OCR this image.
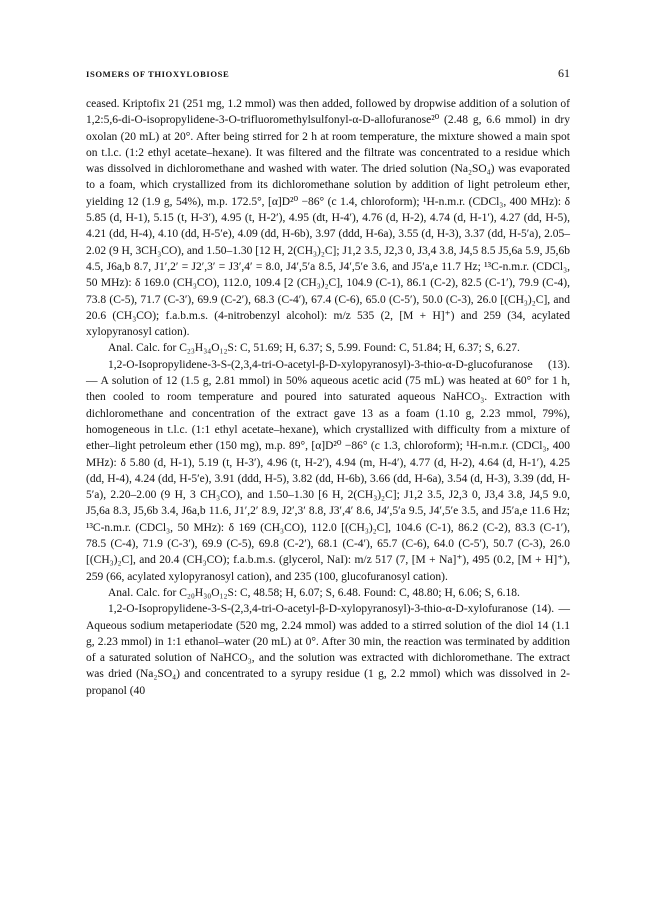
ISOMERS OF THIOXYLOBIOSE	61

ceased. Kriptofix 21 (251 mg, 1.2 mmol) was then added, followed by dropwise addition of a solution of 1,2:5,6-di-O-isopropylidene-3-O-trifluoromethylsulfonyl-α-D-allofuranose²⁰ (2.48 g, 6.6 mmol) in dry oxolan (20 mL) at 20°. After being stirred for 2 h at room temperature, the mixture showed a main spot on t.l.c. (1:2 ethyl acetate–hexane). It was filtered and the filtrate was concentrated to a residue which was dissolved in dichloromethane and washed with water. The dried solution (Na₂SO₄) was evaporated to a foam, which crystallized from its dichloromethane solution by addition of light petroleum ether, yielding 12 (1.9 g, 54%), m.p. 172.5°, [α]D²⁰ −86° (c 1.4, chloroform); ¹H-n.m.r. (CDCl₃, 400 MHz): δ 5.85 (d, H-1), 5.15 (t, H-3′), 4.95 (t, H-2′), 4.95 (dt, H-4′), 4.76 (d, H-2), 4.74 (d, H-1′), 4.27 (dd, H-5), 4.21 (dd, H-4), 4.10 (dd, H-5′e), 4.09 (dd, H-6b), 3.97 (ddd, H-6a), 3.55 (d, H-3), 3.37 (dd, H-5′a), 2.05–2.02 (9 H, 3CH₃CO), and 1.50–1.30 [12 H, 2(CH₃)₂C]; J1,2 3.5, J2,3 0, J3,4 3.8, J4,5 8.5 J5,6a 5.9, J5,6b 4.5, J6a,b 8.7, J1′,2′ = J2′,3′ = J3′,4′ = 8.0, J4′,5′a 8.5, J4′,5′e 3.6, and J5′a,e 11.7 Hz; ¹³C-n.m.r. (CDCl₃, 50 MHz): δ 169.0 (CH₃CO), 112.0, 109.4 [2 (CH₃)₂C], 104.9 (C-1), 86.1 (C-2), 82.5 (C-1′), 79.9 (C-4), 73.8 (C-5), 71.7 (C-3′), 69.9 (C-2′), 68.3 (C-4′), 67.4 (C-6), 65.0 (C-5′), 50.0 (C-3), 26.0 [(CH₃)₂C], and 20.6 (CH₃CO); f.a.b.m.s. (4-nitrobenzyl alcohol): m/z 535 (2, [M + H]⁺) and 259 (34, acylated xylopyranosyl cation).

Anal. Calc. for C₂₃H₃₄O₁₂S: C, 51.69; H, 6.37; S, 5.99. Found: C, 51.84; H, 6.37; S, 6.27.

1,2-O-Isopropylidene-3-S-(2,3,4-tri-O-acetyl-β-D-xylopyranosyl)-3-thio-α-D-glucofuranose (13). — A solution of 12 (1.5 g, 2.81 mmol) in 50% aqueous acetic acid (75 mL) was heated at 60° for 1 h, then cooled to room temperature and poured into saturated aqueous NaHCO₃. Extraction with dichloromethane and concentration of the extract gave 13 as a foam (1.10 g, 2.23 mmol, 79%), homogeneous in t.l.c. (1:1 ethyl acetate–hexane), which crystallized with difficulty from a mixture of ether–light petroleum ether (150 mg), m.p. 89°, [α]D²⁰ −86° (c 1.3, chloroform); ¹H-n.m.r. (CDCl₃, 400 MHz): δ 5.80 (d, H-1), 5.19 (t, H-3′), 4.96 (t, H-2′), 4.94 (m, H-4′), 4.77 (d, H-2), 4.64 (d, H-1′), 4.25 (dd, H-4), 4.24 (dd, H-5′e), 3.91 (ddd, H-5), 3.82 (dd, H-6b), 3.66 (dd, H-6a), 3.54 (d, H-3), 3.39 (dd, H-5′a), 2.20–2.00 (9 H, 3 CH₃CO), and 1.50–1.30 [6 H, 2(CH₃)₂C]; J1,2 3.5, J2,3 0, J3,4 3.8, J4,5 9.0, J5,6a 8.3, J5,6b 3.4, J6a,b 11.6, J1′,2′ 8.9, J2′,3′ 8.8, J3′,4′ 8.6, J4′,5′a 9.5, J4′,5′e 3.5, and J5′a,e 11.6 Hz; ¹³C-n.m.r. (CDCl₃, 50 MHz): δ 169 (CH₃CO), 112.0 [(CH₃)₂C], 104.6 (C-1), 86.2 (C-2), 83.3 (C-1′), 78.5 (C-4), 71.9 (C-3′), 69.9 (C-5), 69.8 (C-2′), 68.1 (C-4′), 65.7 (C-6), 64.0 (C-5′), 50.7 (C-3), 26.0 [(CH₃)₂C], and 20.4 (CH₃CO); f.a.b.m.s. (glycerol, NaI): m/z 517 (7, [M + Na]⁺), 495 (0.2, [M + H]⁺), 259 (66, acylated xylopyranosyl cation), and 235 (100, glucofuranosyl cation).

Anal. Calc. for C₂₀H₃₀O₁₂S: C, 48.58; H, 6.07; S, 6.48. Found: C, 48.80; H, 6.06; S, 6.18.

1,2-O-Isopropylidene-3-S-(2,3,4-tri-O-acetyl-β-D-xylopyranosyl)-3-thio-α-D-xylofuranose (14). — Aqueous sodium metaperiodate (520 mg, 2.24 mmol) was added to a stirred solution of the diol 14 (1.1 g, 2.23 mmol) in 1:1 ethanol–water (20 mL) at 0°. After 30 min, the reaction was terminated by addition of a saturated solution of NaHCO₃, and the solution was extracted with dichloromethane. The extract was dried (Na₂SO₄) and concentrated to a syrupy residue (1 g, 2.2 mmol) which was dissolved in 2-propanol (40
